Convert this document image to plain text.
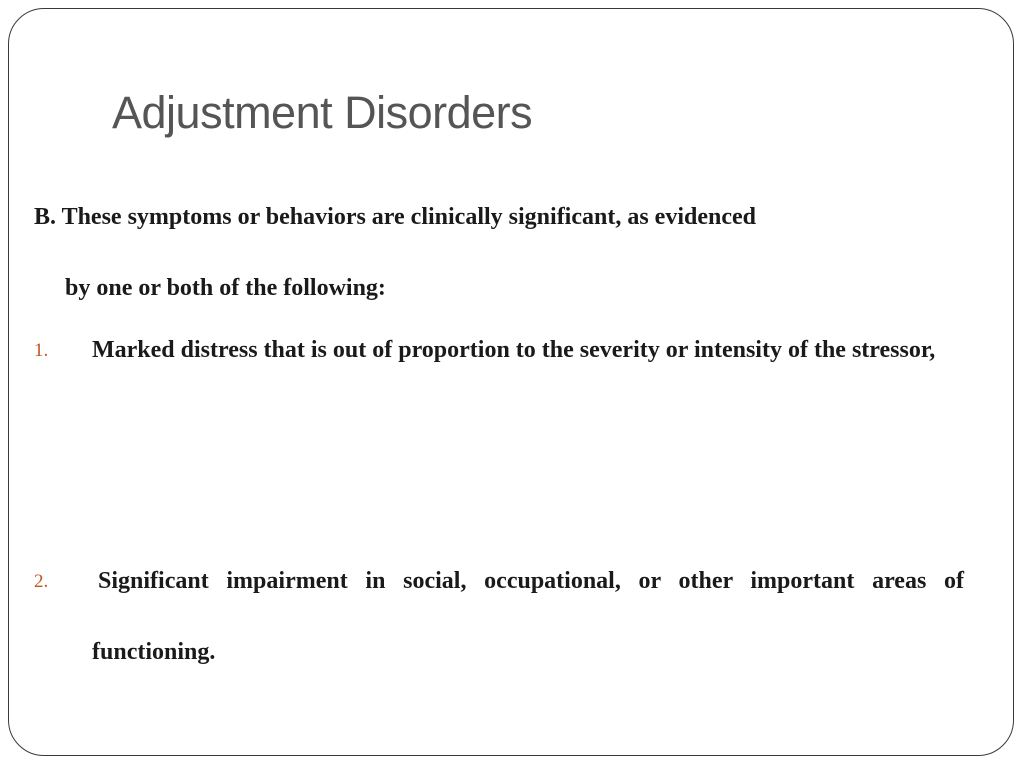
Adjustment Disorders

B. These symptoms or behaviors are clinically significant, as evidenced
by one or both of the following:

1. Marked distress that is out of proportion to the severity or intensity of the stressor,
2. Significant impairment in social, occupational, or other important areas of functioning.
